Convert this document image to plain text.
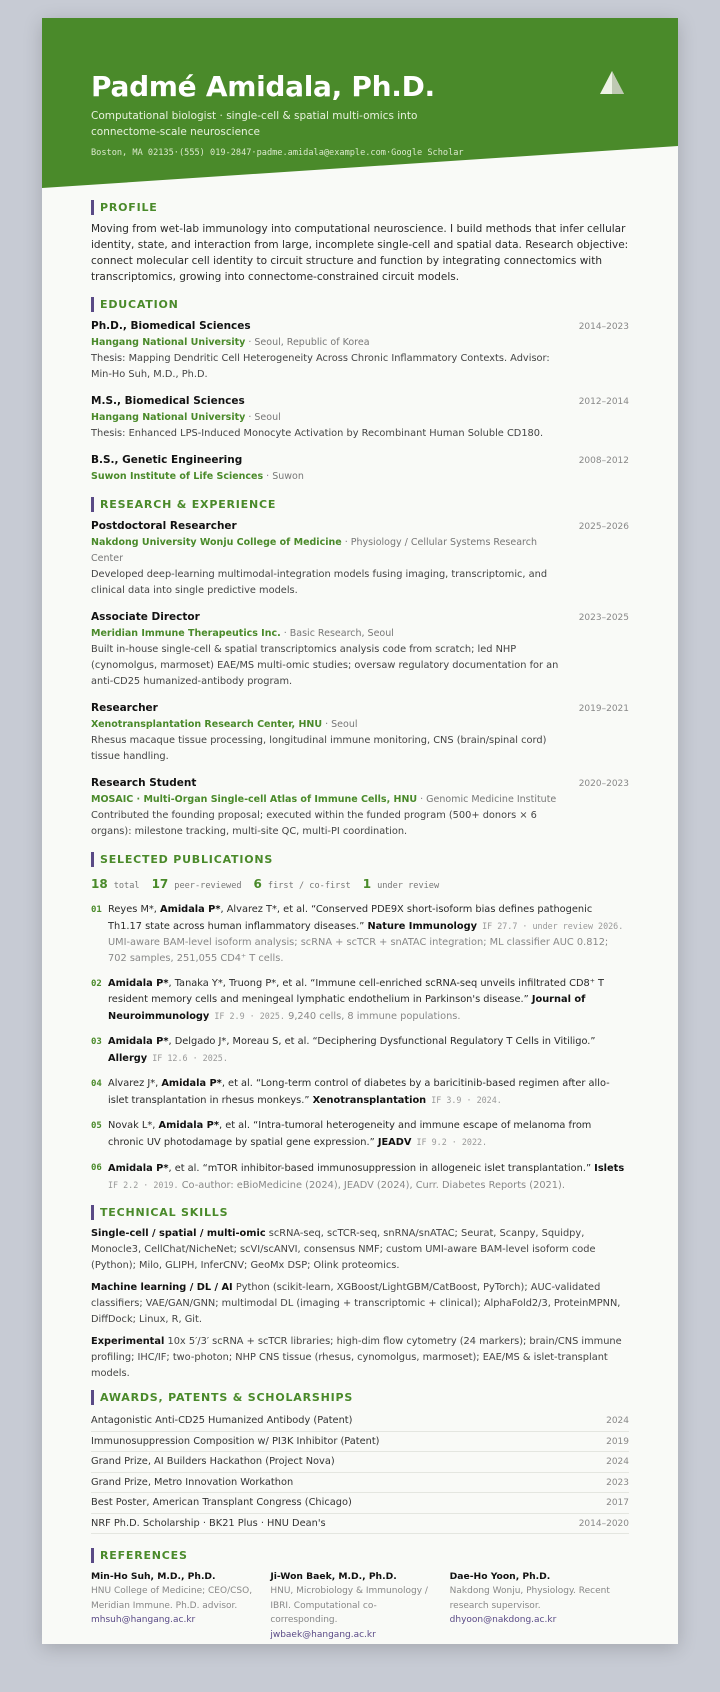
Padmé Amidala, Ph.D.
Computational biologist · single-cell & spatial multi-omics into connectome-scale neuroscience
Boston, MA 02135·(555) 019-2847·padme.amidala@example.com·Google Scholar
PROFILE

Moving from wet-lab immunology into computational neuroscience. I build methods that infer cellular identity, state, and interaction from large, incomplete single-cell and spatial data. Research objective: connect molecular cell identity to circuit structure and function by integrating connectomics with transcriptomics, growing into connectome-constrained circuit models.

EDUCATION
Ph.D., Biomedical Sciences	2014–2023
Hangang National University · Seoul, Republic of Korea
Thesis: Mapping Dendritic Cell Heterogeneity Across Chronic Inflammatory Contexts. Advisor: Min-Ho Suh, M.D., Ph.D.
M.S., Biomedical Sciences	2012–2014
Hangang National University · Seoul
Thesis: Enhanced LPS-Induced Monocyte Activation by Recombinant Human Soluble CD180.
B.S., Genetic Engineering	2008–2012
Suwon Institute of Life Sciences · Suwon
RESEARCH & EXPERIENCE
Postdoctoral Researcher	2025–2026
Nakdong University Wonju College of Medicine · Physiology / Cellular Systems Research Center
Developed deep-learning multimodal-integration models fusing imaging, transcriptomic, and clinical data into single predictive models.
Associate Director	2023–2025
Meridian Immune Therapeutics Inc. · Basic Research, Seoul
Built in-house single-cell & spatial transcriptomics analysis code from scratch; led NHP (cynomolgus, marmoset) EAE/MS multi-omic studies; oversaw regulatory documentation for an anti-CD25 humanized-antibody program.
Researcher	2019–2021
Xenotransplantation Research Center, HNU · Seoul
Rhesus macaque tissue processing, longitudinal immune monitoring, CNS (brain/spinal cord) tissue handling.
Research Student	2020–2023
MOSAIC · Multi-Organ Single-cell Atlas of Immune Cells, HNU · Genomic Medicine Institute
Contributed the founding proposal; executed within the funded program (500+ donors × 6 organs): milestone tracking, multi-site QC, multi-PI coordination.
SELECTED PUBLICATIONS
18 total 17 peer-reviewed 6 first / co-first 1 under review
01 Reyes M*, Amidala P*, Alvarez T*, et al. “Conserved PDE9X short-isoform bias defines pathogenic Th1.17 state across human inflammatory diseases.” Nature Immunology IF 27.7 · under review 2026. UMI-aware BAM-level isoform analysis; scRNA + scTCR + snATAC integration; ML classifier AUC 0.812; 702 samples, 251,055 CD4⁺ T cells.
02 Amidala P*, Tanaka Y*, Truong P*, et al. “Immune cell-enriched scRNA-seq unveils infiltrated CD8⁺ T resident memory cells and meningeal lymphatic endothelium in Parkinson's disease.” Journal of Neuroimmunology IF 2.9 · 2025. 9,240 cells, 8 immune populations.
03 Amidala P*, Delgado J*, Moreau S, et al. “Deciphering Dysfunctional Regulatory T Cells in Vitiligo.” Allergy IF 12.6 · 2025.
04 Alvarez J*, Amidala P*, et al. “Long-term control of diabetes by a baricitinib-based regimen after allo-islet transplantation in rhesus monkeys.” Xenotransplantation IF 3.9 · 2024.
05 Novak L*, Amidala P*, et al. “Intra-tumoral heterogeneity and immune escape of melanoma from chronic UV photodamage by spatial gene expression.” JEADV IF 9.2 · 2022.
06 Amidala P*, et al. “mTOR inhibitor-based immunosuppression in allogeneic islet transplantation.” Islets IF 2.2 · 2019. Co-author: eBioMedicine (2024), JEADV (2024), Curr. Diabetes Reports (2021).
TECHNICAL SKILLS
Single-cell / spatial / multi-omic scRNA-seq, scTCR-seq, snRNA/snATAC; Seurat, Scanpy, Squidpy, Monocle3, CellChat/NicheNet; scVI/scANVI, consensus NMF; custom UMI-aware BAM-level isoform code (Python); Milo, GLIPH, InferCNV; GeoMx DSP; Olink proteomics.
Machine learning / DL / AI Python (scikit-learn, XGBoost/LightGBM/CatBoost, PyTorch); AUC-validated classifiers; VAE/GAN/GNN; multimodal DL (imaging + transcriptomic + clinical); AlphaFold2/3, ProteinMPNN, DiffDock; Linux, R, Git.
Experimental 10x 5′/3′ scRNA + scTCR libraries; high-dim flow cytometry (24 markers); brain/CNS immune profiling; IHC/IF; two-photon; NHP CNS tissue (rhesus, cynomolgus, marmoset); EAE/MS & islet-transplant models.
AWARDS, PATENTS & SCHOLARSHIPS
Antagonistic Anti-CD25 Humanized Antibody (Patent)	2024
Immunosuppression Composition w/ PI3K Inhibitor (Patent)	2019
Grand Prize, AI Builders Hackathon (Project Nova)	2024
Grand Prize, Metro Innovation Workathon	2023
Best Poster, American Transplant Congress (Chicago)	2017
NRF Ph.D. Scholarship · BK21 Plus · HNU Dean's	2014–2020
REFERENCES
Min-Ho Suh, M.D., Ph.D.
HNU College of Medicine; CEO/CSO, Meridian Immune. Ph.D. advisor.
mhsuh@hangang.ac.kr
Ji-Won Baek, M.D., Ph.D.
HNU, Microbiology & Immunology / IBRI. Computational co-corresponding.
jwbaek@hangang.ac.kr
Dae-Ho Yoon, Ph.D.
Nakdong Wonju, Physiology. Recent research supervisor.
dhyoon@nakdong.ac.kr
